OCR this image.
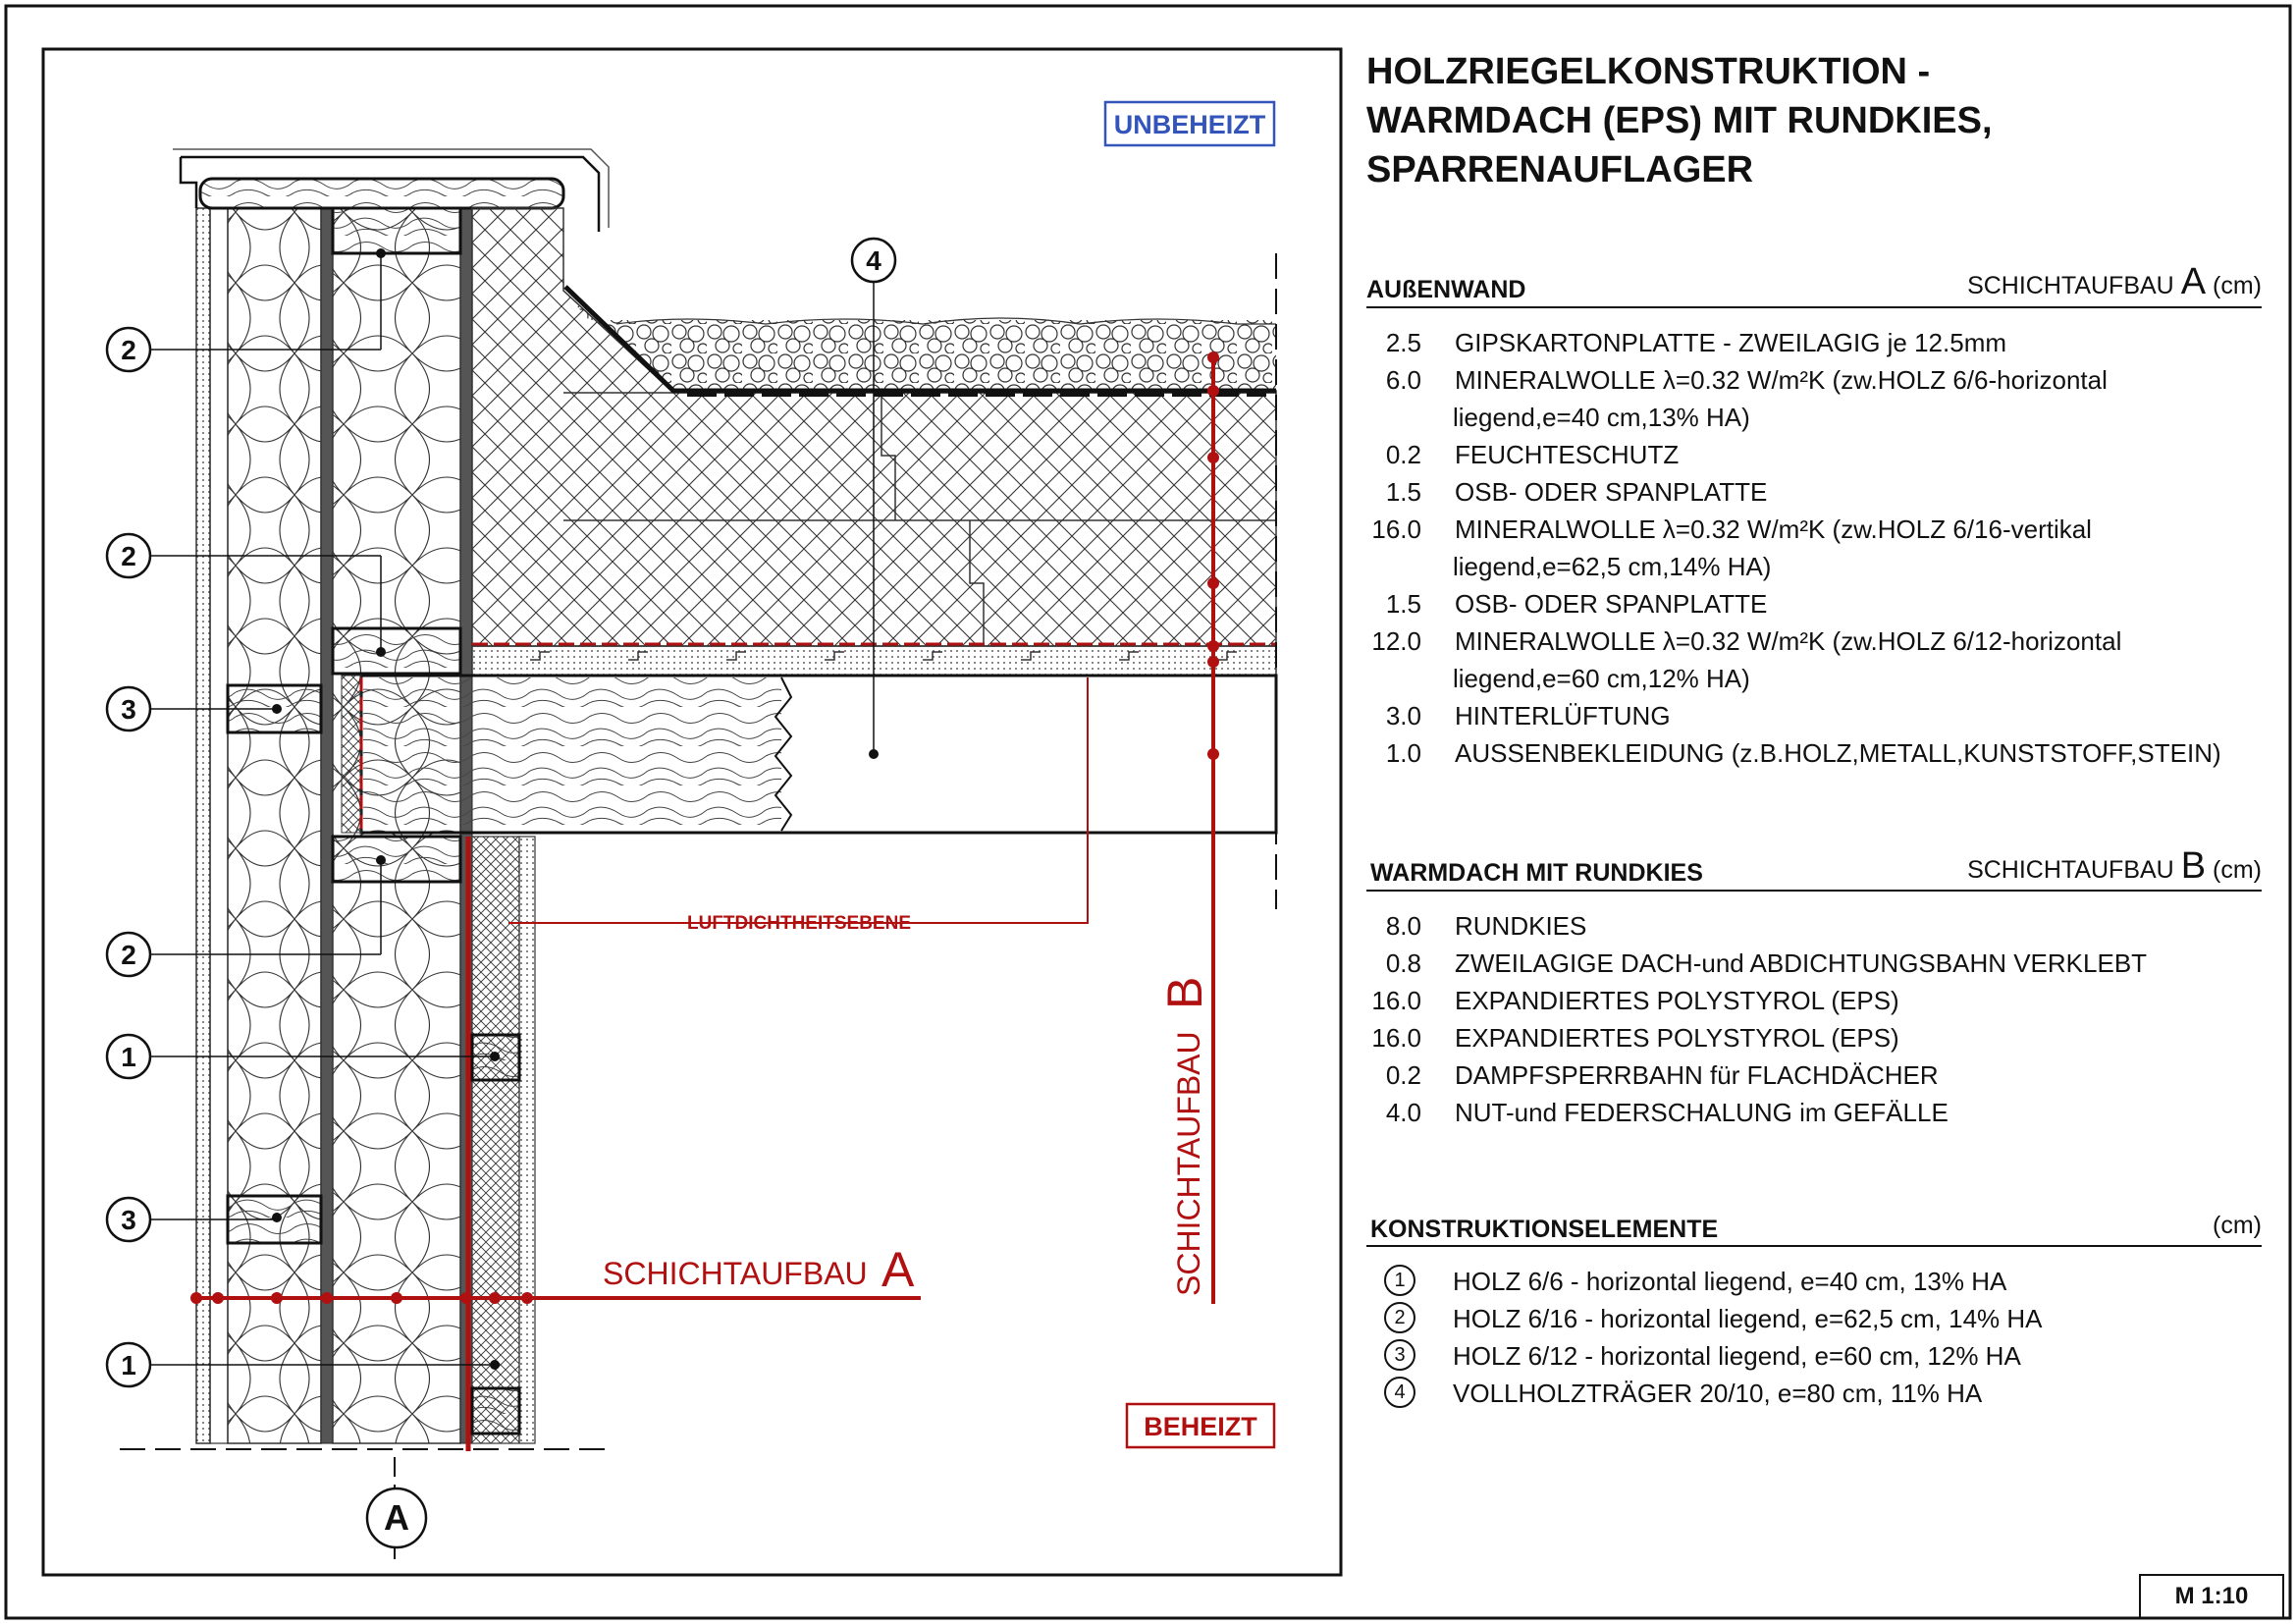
2
2
3
2
1
3
1
4
A
LUFTDICHTHEITSEBENE
SCHICHTAUFBAU A	SCHICHTAUFBAU
B
UNBEHEIZT
BEHEIZT
HOLZRIEGELKONSTRUKTION -
WARMDACH (EPS) MIT RUNDKIES,
SPARRENAUFLAGER
AUßENWAND	SCHICHTAUFBAU A (cm)
2.5 GIPSKARTONPLATTE - ZWEILAGIG je 12.5mm
6.0 MINERALWOLLE λ=0.32 W/m²K (zw.HOLZ 6/6-horizontal
liegend,e=40 cm,13% HA)
0.2 FEUCHTESCHUTZ
1.5 OSB- ODER SPANPLATTE
16.0 MINERALWOLLE λ=0.32 W/m²K (zw.HOLZ 6/16-vertikal
liegend,e=62,5 cm,14% HA)
1.5 OSB- ODER SPANPLATTE
12.0 MINERALWOLLE λ=0.32 W/m²K (zw.HOLZ 6/12-horizontal
liegend,e=60 cm,12% HA)
3.0 HINTERLÜFTUNG
1.0 AUSSENBEKLEIDUNG (z.B.HOLZ,METALL,KUNSTSTOFF,STEIN)
WARMDACH MIT RUNDKIES	SCHICHTAUFBAU B (cm)
8.0 RUNDKIES
0.8 ZWEILAGIGE DACH-und ABDICHTUNGSBAHN VERKLEBT
16.0 EXPANDIERTES POLYSTYROL (EPS)
16.0 EXPANDIERTES POLYSTYROL (EPS)
0.2 DAMPFSPERRBAHN für FLACHDÄCHER
4.0 NUT-und FEDERSCHALUNG im GEFÄLLE
KONSTRUKTIONSELEMENTE	(cm)
1	HOLZ 6/6 - horizontal liegend, e=40 cm, 13% HA
2	HOLZ 6/16 - horizontal liegend, e=62,5 cm, 14% HA
3	HOLZ 6/12 - horizontal liegend, e=60 cm, 12% HA
4	VOLLHOLZTRÄGER 20/10, e=80 cm, 11% HA
M 1:10
